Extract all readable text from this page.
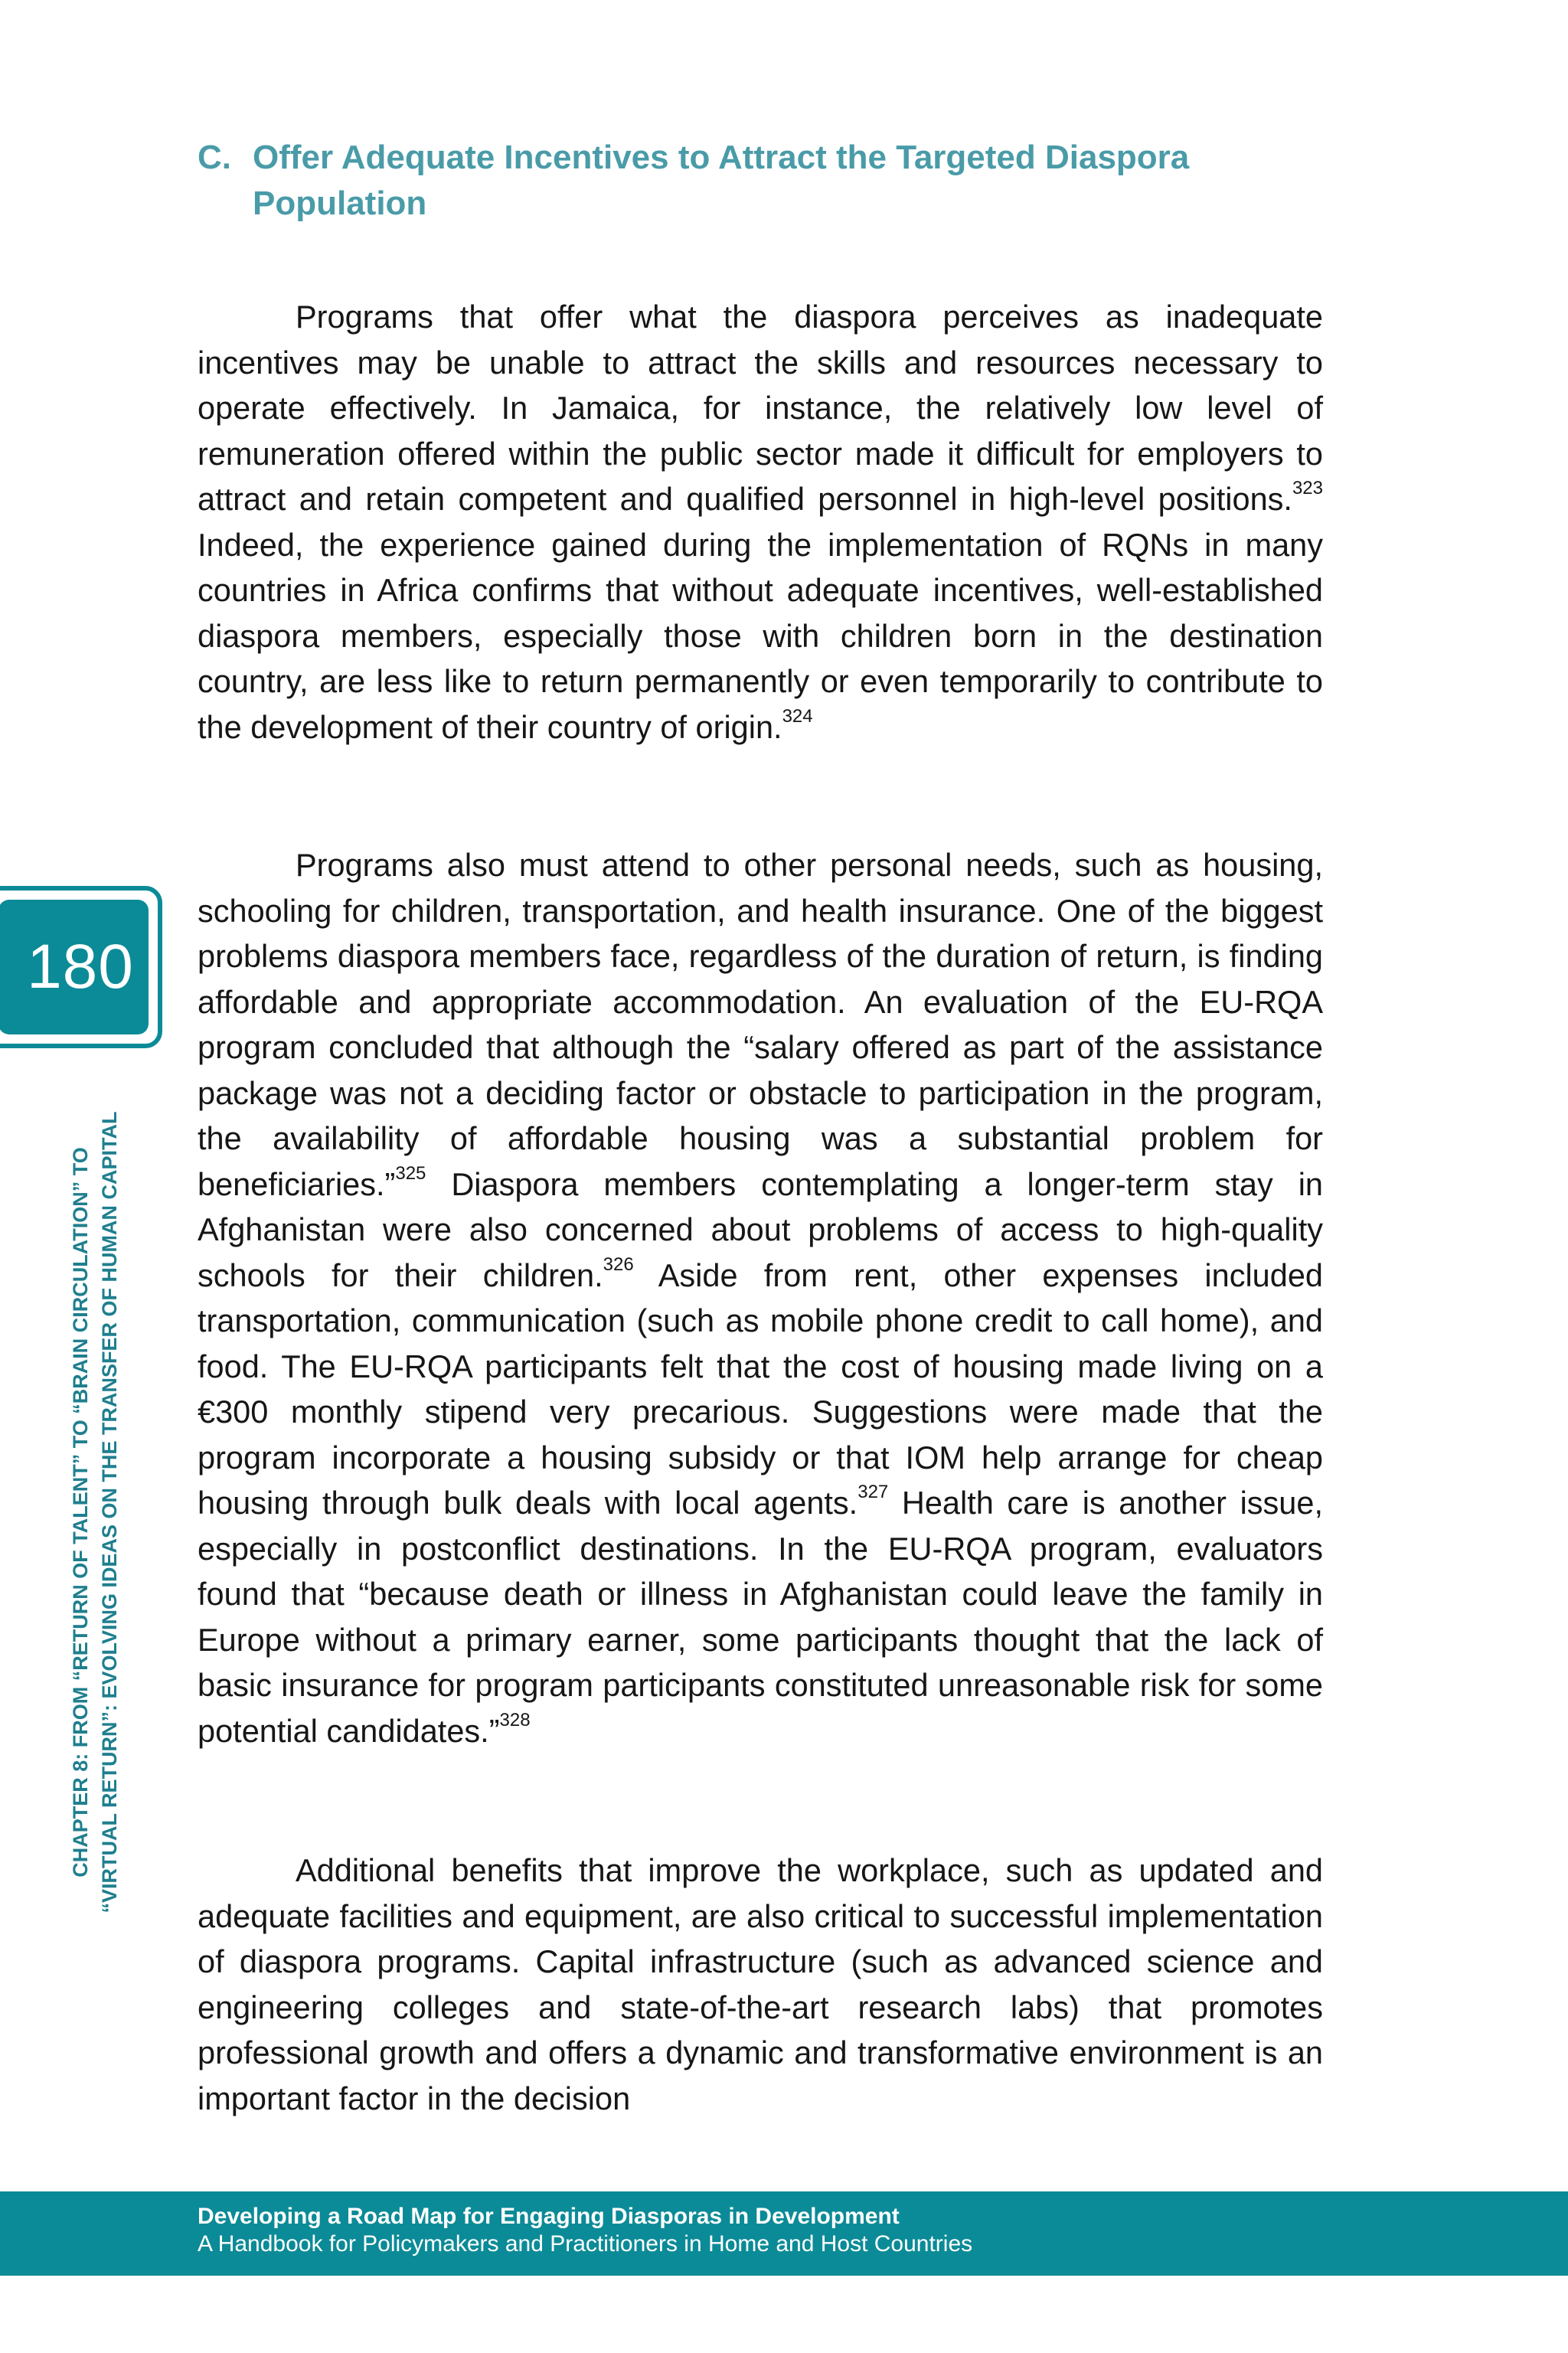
C. Offer Adequate Incentives to Attract the Targeted Diaspora Population

Programs that offer what the diaspora perceives as inadequate incentives may be unable to attract the skills and resources necessary to operate effectively. In Jamaica, for instance, the relatively low level of remuneration offered within the public sector made it difficult for employers to attract and retain competent and qualified personnel in high-level positions.$^{323}$ Indeed, the experience gained during the implementation of RQNs in many countries in Africa confirms that without adequate incentives, well-established diaspora members, especially those with children born in the destination country, are less like to return permanently or even temporarily to contribute to the development of their country of origin.$^{324}$

Programs also must attend to other personal needs, such as housing, schooling for children, transportation, and health insurance. One of the biggest problems diaspora members face, regardless of the duration of return, is finding affordable and appropriate accommodation. An evaluation of the EU-RQA program concluded that although the “salary offered as part of the assistance package was not a deciding factor or obstacle to participation in the program, the availability of affordable housing was a substantial problem for beneficiaries.”$^{325}$ Diaspora members contemplating a longer-term stay in Afghanistan were also concerned about problems of access to high-quality schools for their children.$^{326}$ Aside from rent, other expenses included transportation, communication (such as mobile phone credit to call home), and food. The EU-RQA participants felt that the cost of housing made living on a €300 monthly stipend very precarious. Suggestions were made that the program incorporate a housing subsidy or that IOM help arrange for cheap housing through bulk deals with local agents.$^{327}$ Health care is another issue, especially in postconflict destinations. In the EU-RQA program, evaluators found that “because death or illness in Afghanistan could leave the family in Europe without a primary earner, some participants thought that the lack of basic insurance for program participants constituted unreasonable risk for some potential candidates.”$^{328}$

Additional benefits that improve the workplace, such as updated and adequate facilities and equipment, are also critical to successful implementation of diaspora programs. Capital infrastructure (such as advanced science and engineering colleges and state-of-the-art research labs) that promotes professional growth and offers a dynamic and transformative environment is an important factor in the decision

180
CHAPTER 8: FROM “RETURN OF TALENT” TO “BRAIN CIRCULATION” TO “VIRTUAL RETURN”: EVOLVING IDEAS ON THE TRANSFER OF HUMAN CAPITAL
Developing a Road Map for Engaging Diasporas in Development
A Handbook for Policymakers and Practitioners in Home and Host Countries
